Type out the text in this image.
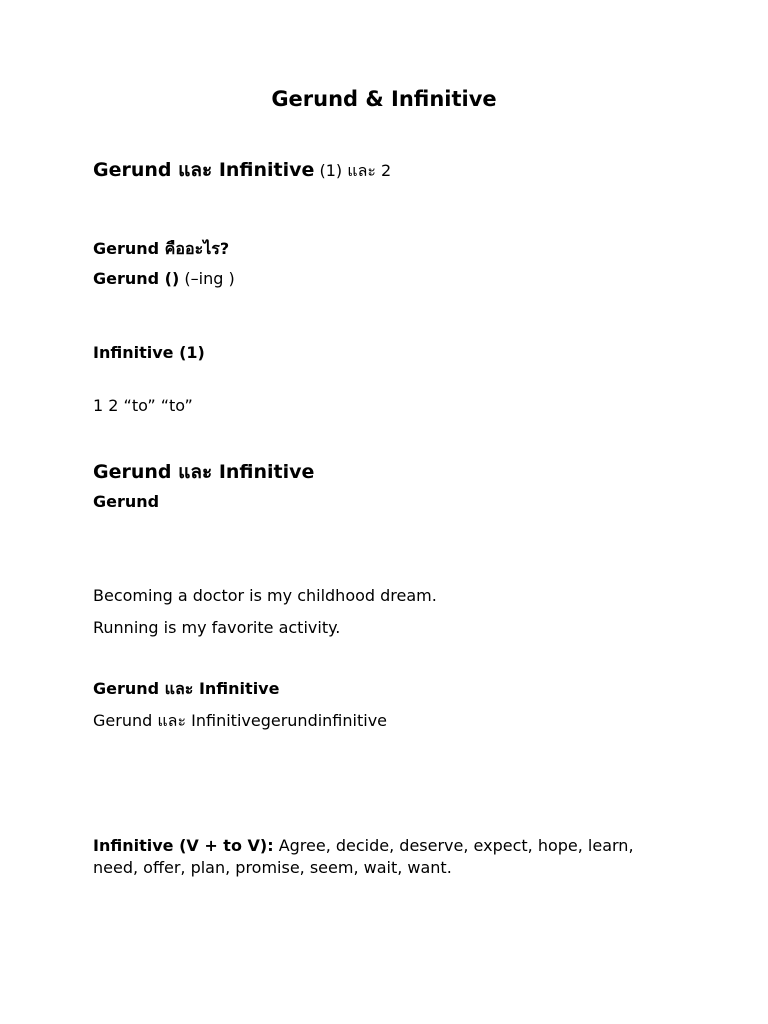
Gerund & Infinitive

Gerund และ Infinitive (1) และ 2

Gerund คืออะไร?

Gerund () (–ing )

Infinitive (1)

1 2 “to” “to”

Gerund และ Infinitive

Gerund

Becoming a doctor is my childhood dream.

Running is my favorite activity.

Gerund และ Infinitive

Gerund และ Infinitivegerundinfinitive

Infinitive (V + to V): Agree, decide, deserve, expect, hope, learn, need, offer, plan, promise, seem, wait, want.
